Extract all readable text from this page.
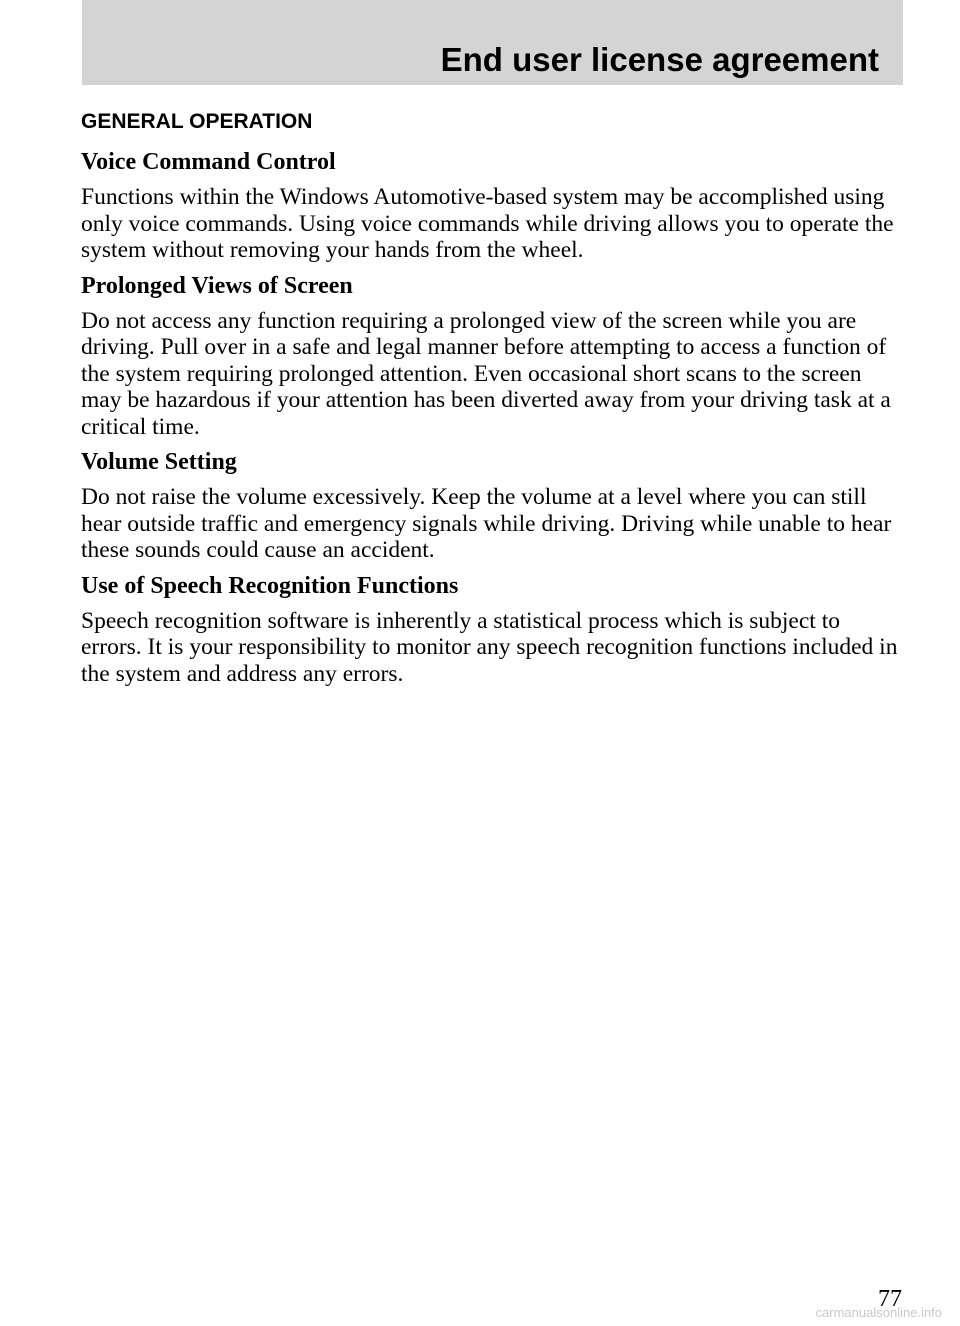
End user license agreement
GENERAL OPERATION
Voice Command Control

Functions within the Windows Automotive-based system may be accomplished using only voice commands. Using voice commands while driving allows you to operate the system without removing your hands from the wheel.

Prolonged Views of Screen

Do not access any function requiring a prolonged view of the screen while you are driving. Pull over in a safe and legal manner before attempting to access a function of the system requiring prolonged attention. Even occasional short scans to the screen may be hazardous if your attention has been diverted away from your driving task at a critical time.

Volume Setting

Do not raise the volume excessively. Keep the volume at a level where you can still hear outside traffic and emergency signals while driving. Driving while unable to hear these sounds could cause an accident.

Use of Speech Recognition Functions

Speech recognition software is inherently a statistical process which is subject to errors. It is your responsibility to monitor any speech recognition functions included in the system and address any errors.

77
carmanualsonline.info
